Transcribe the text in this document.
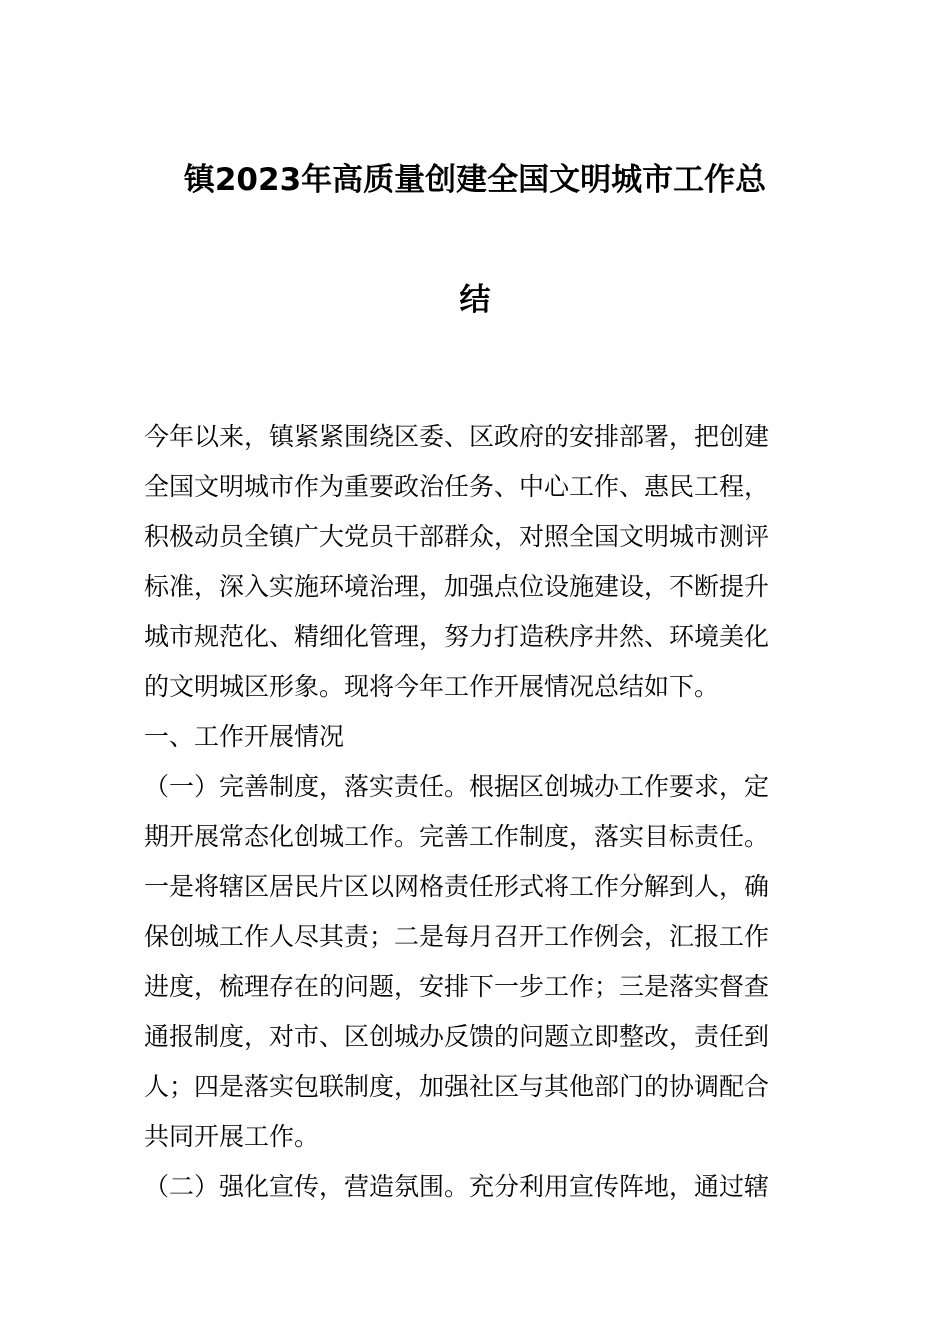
镇2023年高质量创建全国文明城市工作总
结
今年以来，镇紧紧围绕区委、区政府的安排部署，把创建
全国文明城市作为重要政治任务、中心工作、惠民工程，
积极动员全镇广大党员干部群众，对照全国文明城市测评
标准，深入实施环境治理，加强点位设施建设，不断提升
城市规范化、精细化管理，努力打造秩序井然、环境美化
的文明城区形象。现将今年工作开展情况总结如下。
一、工作开展情况
（一）完善制度，落实责任。根据区创城办工作要求，定
期开展常态化创城工作。完善工作制度，落实目标责任。
一是将辖区居民片区以网格责任形式将工作分解到人，确
保创城工作人尽其责；二是每月召开工作例会，汇报工作
进度，梳理存在的问题，安排下一步工作；三是落实督查
通报制度，对市、区创城办反馈的问题立即整改，责任到
人；四是落实包联制度，加强社区与其他部门的协调配合
共同开展工作。
（二）强化宣传，营造氛围。充分利用宣传阵地，通过辖
